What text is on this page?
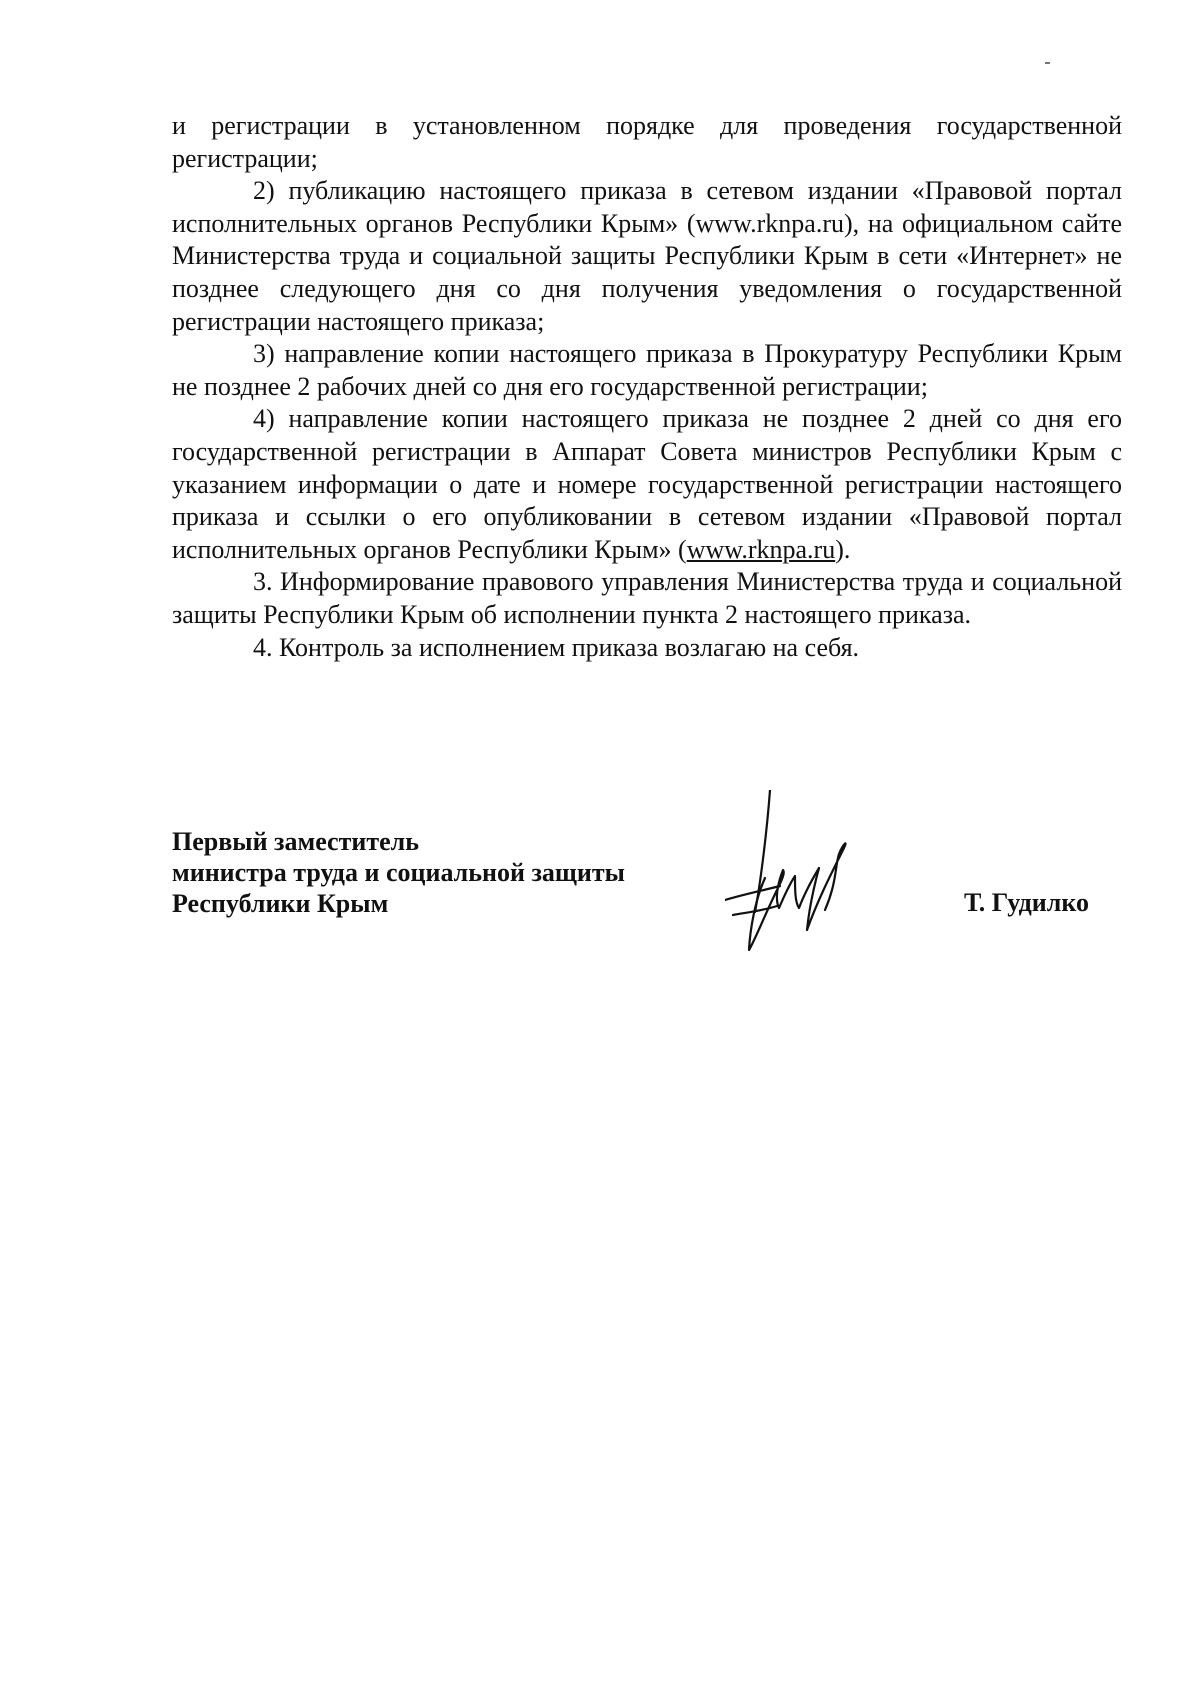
и регистрации в установленном порядке для проведения государственной регистрации;

2) публикацию настоящего приказа в сетевом издании «Правовой портал исполнительных органов Республики Крым» (www.rknpa.ru), на официальном сайте Министерства труда и социальной защиты Республики Крым в сети «Интернет» не позднее следующего дня со дня получения уведомления о государственной регистрации настоящего приказа;

3) направление копии настоящего приказа в Прокуратуру Республики Крым не позднее 2 рабочих дней со дня его государственной регистрации;

4) направление копии настоящего приказа не позднее 2 дней со дня его государственной регистрации в Аппарат Совета министров Республики Крым с указанием информации о дате и номере государственной регистрации настоящего приказа и ссылки о его опубликовании в сетевом издании «Правовой портал исполнительных органов Республики Крым» (www.rknpa.ru).

3. Информирование правового управления Министерства труда и социальной защиты Республики Крым об исполнении пункта 2 настоящего приказа.

4. Контроль за исполнением приказа возлагаю на себя.

Первый заместитель
министра труда и социальной защиты
Республики Крым	Т. Гудилко
